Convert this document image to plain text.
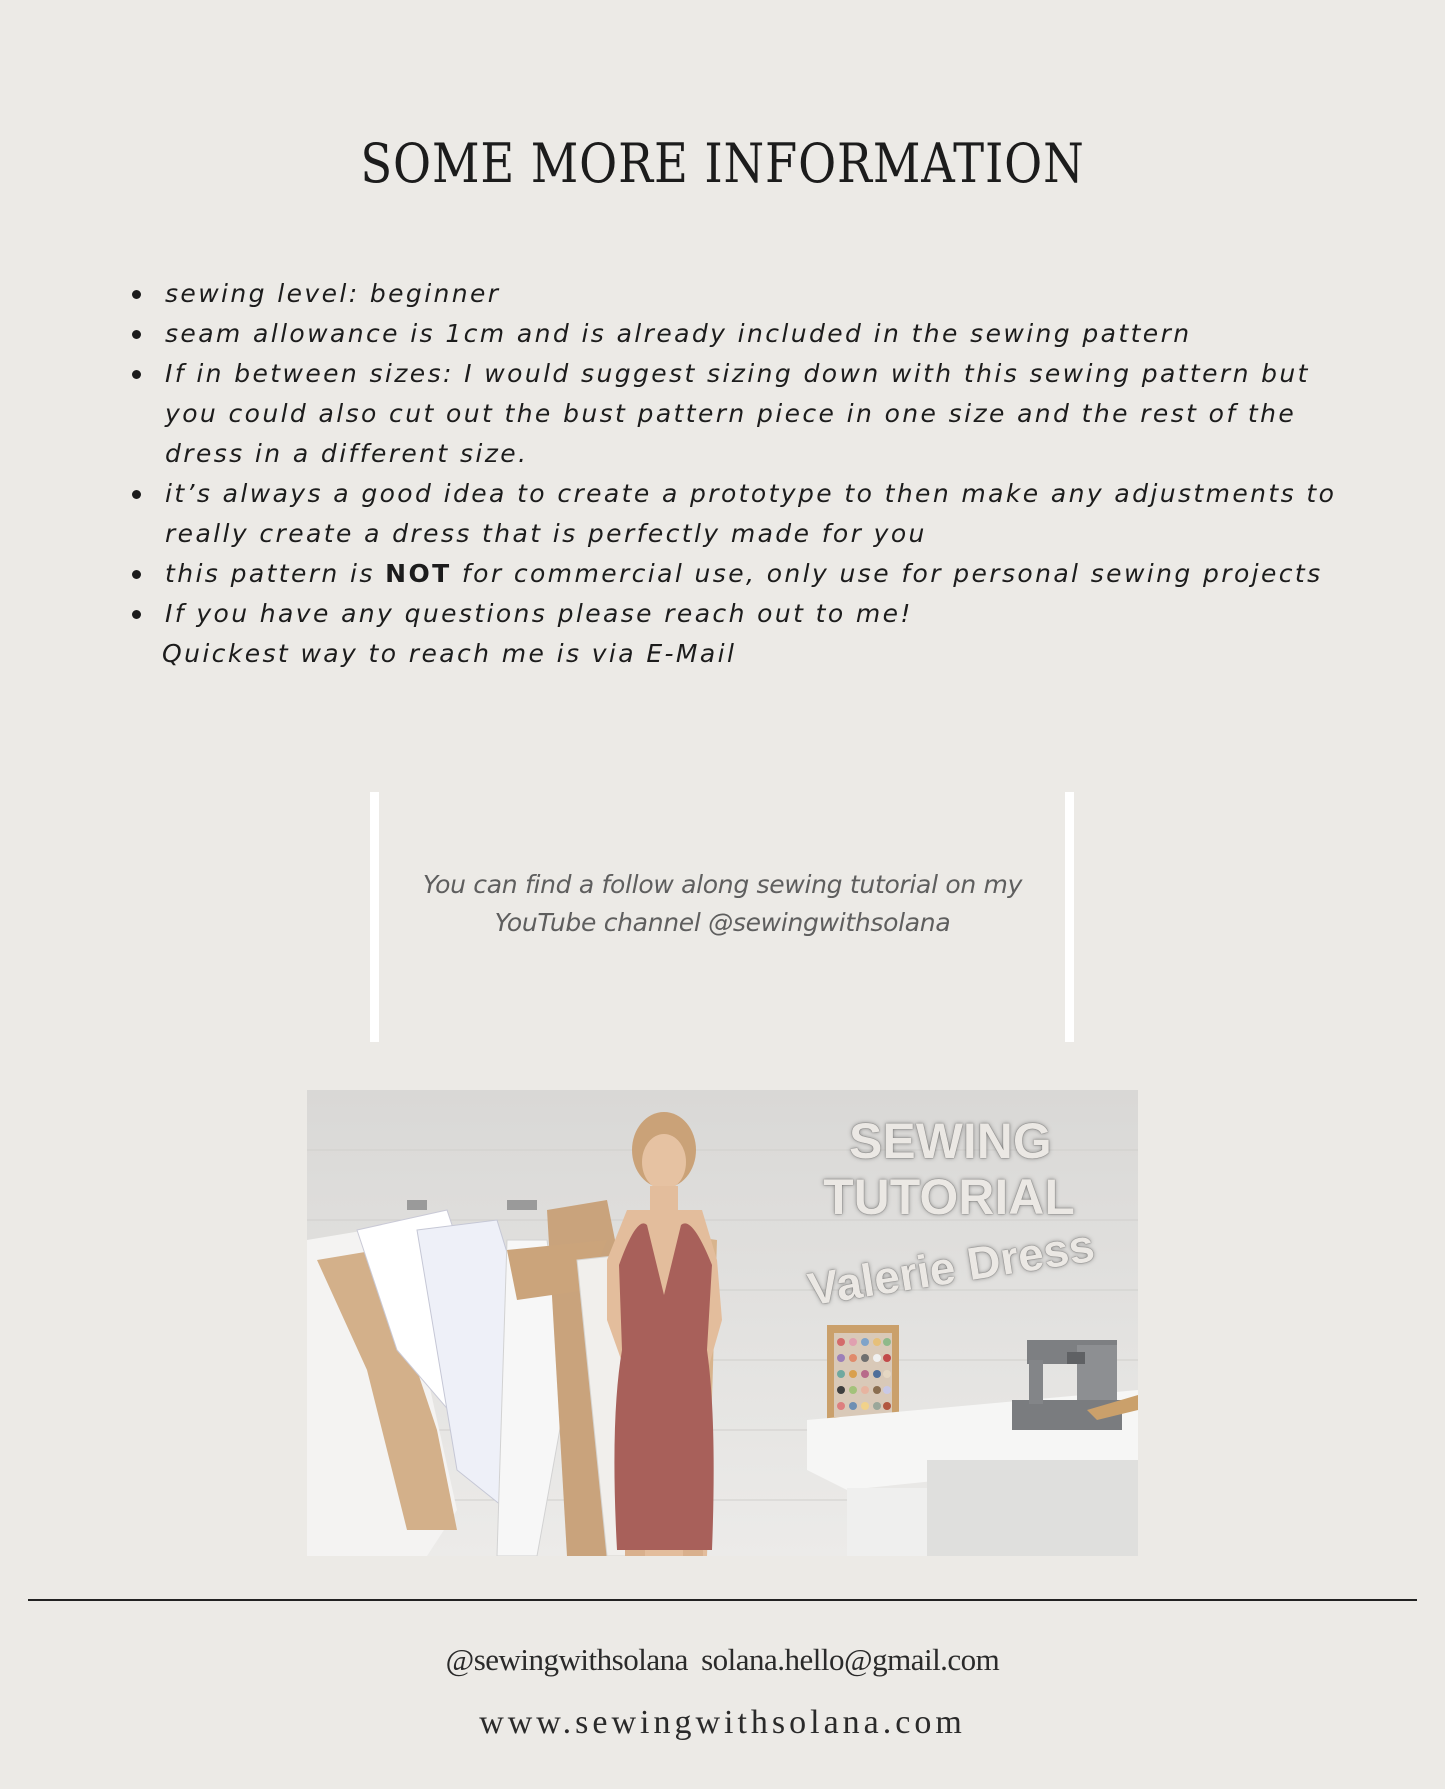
SOME MORE INFORMATION
sewing level: beginner
seam allowance is 1cm and is already included in the sewing pattern
If in between sizes: I would suggest sizing down with this sewing pattern but you could also cut out the bust pattern piece in one size and the rest of the dress in a different size.
it’s always a good idea to create a prototype to then make any adjustments to really create a dress that is perfectly made for you
this pattern is NOT for commercial use, only use for personal sewing projects
If you have any questions please reach out to me!
Quickest way to reach me is via E-Mail
You can find a follow along sewing tutorial on my YouTube channel @sewingwithsolana
SEWING
TUTORIAL
Valerie Dress
@sewingwithsolana solana.hello@gmail.com
www.sewingwithsolana.com
